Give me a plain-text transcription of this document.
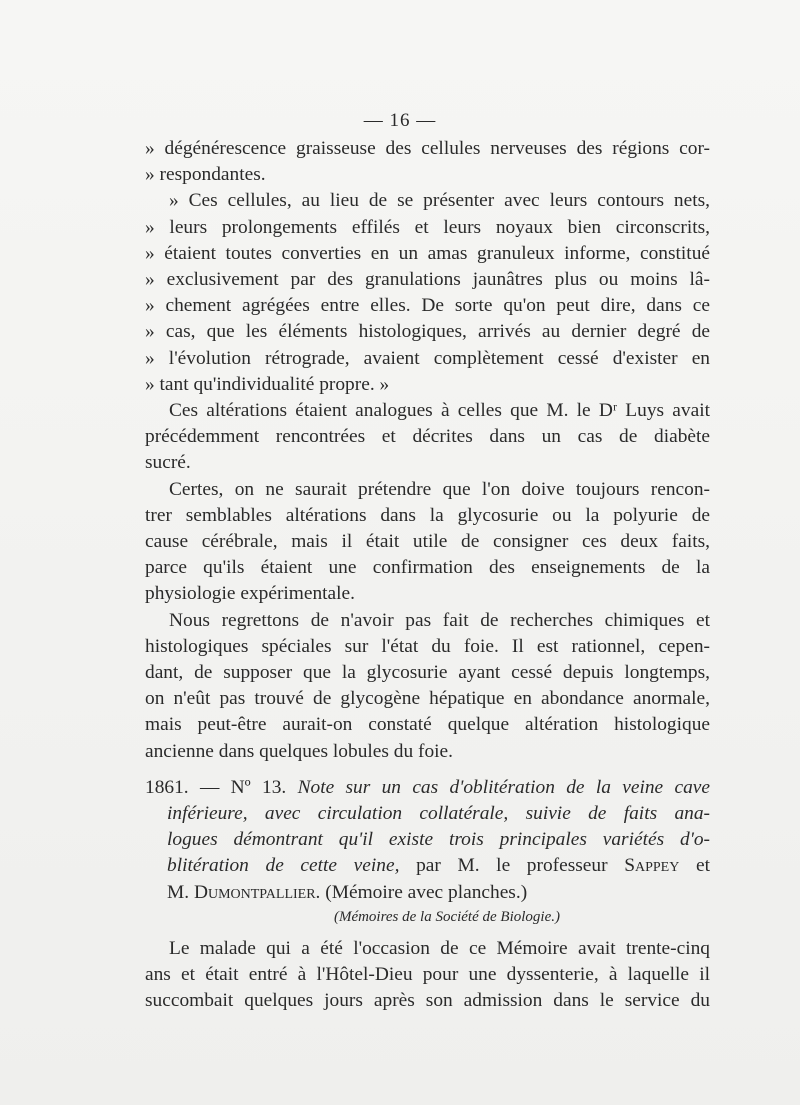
— 16 —
» dégénérescence graisseuse des cellules nerveuses des régions cor-
» respondantes.
» Ces cellules, au lieu de se présenter avec leurs contours nets,
» leurs prolongements effilés et leurs noyaux bien circonscrits,
» étaient toutes converties en un amas granuleux informe, constitué
» exclusivement par des granulations jaunâtres plus ou moins lâ-
» chement agrégées entre elles. De sorte qu'on peut dire, dans ce
» cas, que les éléments histologiques, arrivés au dernier degré de
» l'évolution rétrograde, avaient complètement cessé d'exister en
» tant qu'individualité propre. »
Ces altérations étaient analogues à celles que M. le Dʳ Luys avait
précédemment rencontrées et décrites dans un cas de diabète
sucré.
Certes, on ne saurait prétendre que l'on doive toujours rencon-
trer semblables altérations dans la glycosurie ou la polyurie de
cause cérébrale, mais il était utile de consigner ces deux faits,
parce qu'ils étaient une confirmation des enseignements de la
physiologie expérimentale.
Nous regrettons de n'avoir pas fait de recherches chimiques et
histologiques spéciales sur l'état du foie. Il est rationnel, cepen-
dant, de supposer que la glycosurie ayant cessé depuis longtemps,
on n'eût pas trouvé de glycogène hépatique en abondance anormale,
mais peut-être aurait-on constaté quelque altération histologique
ancienne dans quelques lobules du foie.
1861. — Nº 13. Note sur un cas d'oblitération de la veine cave
inférieure, avec circulation collatérale, suivie de faits ana-
logues démontrant qu'il existe trois principales variétés d'o-
blitération de cette veine, par M. le professeur Sappey et
M. Dumontpallier. (Mémoire avec planches.)
(Mémoires de la Société de Biologie.)
Le malade qui a été l'occasion de ce Mémoire avait trente-cinq
ans et était entré à l'Hôtel-Dieu pour une dyssenterie, à laquelle il
succombait quelques jours après son admission dans le service du
